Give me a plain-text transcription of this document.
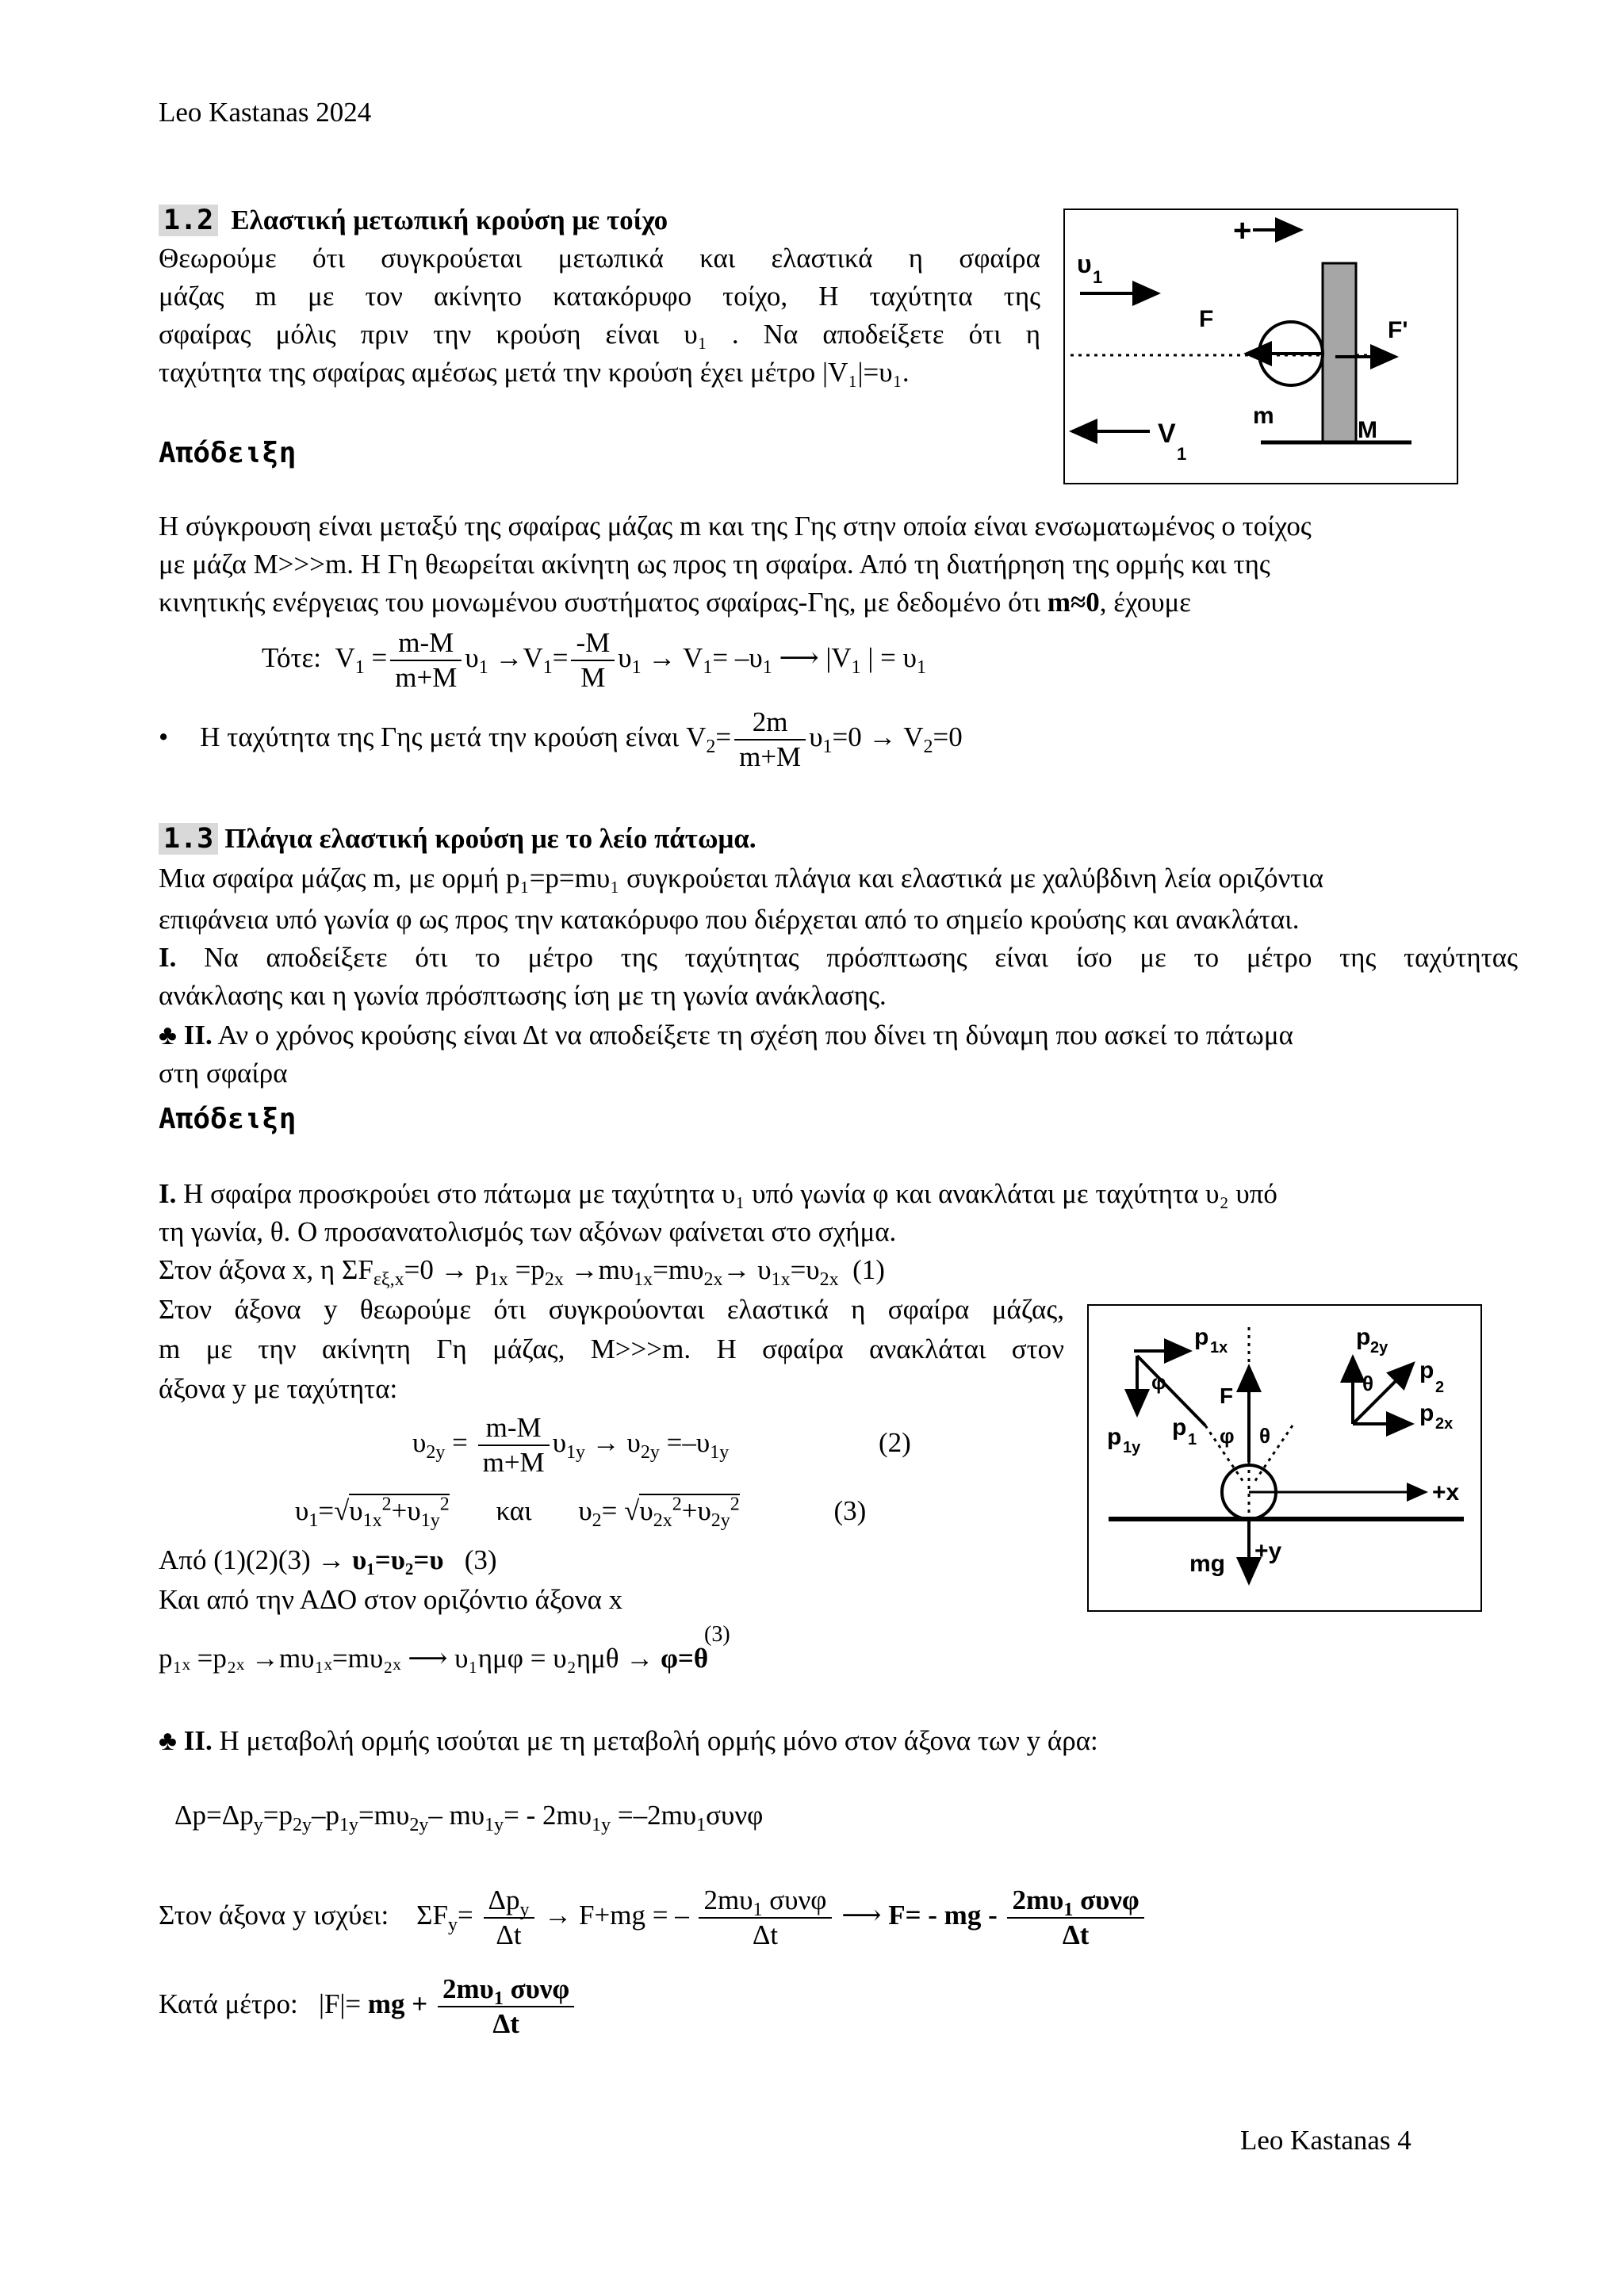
Leo Kastanas 2024
1.2 Ελαστική μετωπική κρούση με τοίχο
Θεωρούμε ότι συγκρούεται μετωπικά και ελαστικά η σφαίρα
μάζας m με τον ακίνητο κατακόρυφο τοίχο, Η ταχύτητα της
σφαίρας μόλις πριν την κρούση είναι υ₁ . Να αποδείξετε ότι η
ταχύτητα της σφαίρας αμέσως μετά την κρούση έχει μέτρο |V₁|=υ₁.
Απόδειξη
+
υ 1
F	F'
m
M
V
1
Η σύγκρουση είναι μεταξύ της σφαίρας μάζας m και της Γης στην οποία είναι ενσωματωμένος ο τοίχος
με μάζα Μ>>>m. Η Γη θεωρείται ακίνητη ως προς τη σφαίρα. Από τη διατήρηση της ορμής και της
κινητικής ενέργειας του μονωμένου συστήματος σφαίρας-Γης, με δεδομένο ότι m≈0, έχουμε
Τότε:  $V_1 = \frac{m-M}{m+M} \upsilon_1 \to V_1= \frac{-M}{M} \upsilon_1 \to V_1= -\upsilon_1$ ⟶ $|V_1$ | = $\upsilon_1$
• Η ταχύτητα της Γης μετά την κρούση είναι $V_2= \frac{2m}{m+M} \upsilon_1=0 \to V_2=0$
1.3 Πλάγια ελαστική κρούση με το λείο πάτωμα.
Μια σφαίρα μάζας m, με ορμή p₁=p=mυ₁ συγκρούεται πλάγια και ελαστικά με χαλύβδινη λεία οριζόντια
επιφάνεια υπό γωνία φ ως προς την κατακόρυφο που διέρχεται από το σημείο κρούσης και ανακλάται.
Ι. Να αποδείξετε ότι το μέτρο της ταχύτητας πρόσπτωσης είναι ίσο με το μέτρο της ταχύτητας
ανάκλασης και η γωνία πρόσπτωσης ίση με τη γωνία ανάκλασης.
♣ ΙΙ. Αν ο χρόνος κρούσης είναι Δt να αποδείξετε τη σχέση που δίνει τη δύναμη που ασκεί το πάτωμα
στη σφαίρα
Απόδειξη
Ι. Η σφαίρα προσκρούει στο πάτωμα με ταχύτητα υ₁ υπό γωνία φ και ανακλάται με ταχύτητα υ₂ υπό
τη γωνία, θ. Ο προσανατολισμός των αξόνων φαίνεται στο σχήμα.
Στον άξονα x, η $\Sigma F_{\varepsilon\xi,x}=0 \to p_{1x} =p_{2x} \to m\upsilon_{1x}=m\upsilon_{2x}\to \upsilon_{1x}=\upsilon_{2x}$  (1)
Στον άξονα y θεωρούμε ότι συγκρούονται ελαστικά η σφαίρα μάζας,
m με την ακίνητη Γη μάζας, Μ>>>m. Η σφαίρα ανακλάται στον
άξονα y με ταχύτητα:
$\upsilon_{2y} = \frac{m-M}{m+M} \upsilon_{1y} \to \upsilon_{2y} =-\upsilon_{1y}$	(2)
$\upsilon_1=√\upsilon_{1x}^2+\upsilon_{1y}^2$ και $\upsilon_2= √\upsilon_{2x}^2+\upsilon_{2y}^2$	(3)
Από (1)(2)(3) → υ₁=υ₂=υ (3)
Και από την ΑΔΟ στον οριζόντιο άξονα x
(3)
p₁ₓ =p₂ₓ →mυ₁ₓ=mυ₂ₓ ⟶ υ₁ημφ = υ₂ημθ → φ=θ
p 1x
φ
p 1y
p 1
F
φ θ
p 2y
θ p
2
p 2x
+x
+y
mg
♣ ΙΙ. Η μεταβολή ορμής ισούται με τη μεταβολή ορμής μόνο στον άξονα των y άρα:
$\Delta p=\Delta p_y=p_{2y}-p_{1y}=m\upsilon_{2y}-$ $m\upsilon_{1y}= - 2m\upsilon_{1y} =-2m\upsilon_1\sigma\upsilon\nu\varphi$
Στον άξονα y ισχύει:    $\Sigma F_y= \frac{\Delta p_y}{\Delta t} \to F+mg$ = – $\frac{2m\upsilon_1 \sigma\upsilon\nu\varphi}{\Delta t}$ ⟶ F= - mg - $\frac{2m\upsilon_1 \sigma\upsilon\nu\varphi}{\Delta t}$
Κατά μέτρο:   |F|= mg + $\frac{2m\upsilon_1 \sigma\upsilon\nu\varphi}{\Delta t}$
Leo Kastanas 4
